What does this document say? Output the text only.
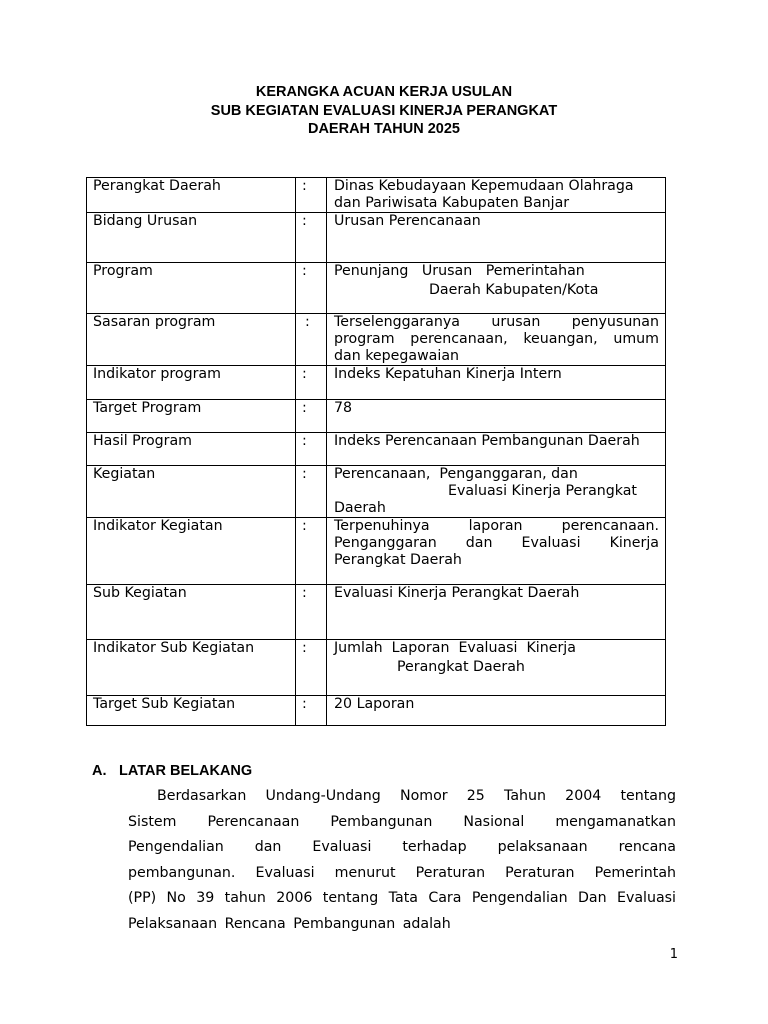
KERANGKA ACUAN KERJA USULAN
SUB KEGIATAN EVALUASI KINERJA PERANGKAT
DAERAH TAHUN 2025
Perangkat Daerah	:	Dinas Kebudayaan Kepemudaan Olahraga
dan Pariwisata Kabupaten Banjar

Bidang Urusan	:	Urusan Perencanaan

Program	:	Penunjang   Urusan   Pemerintahan
Daerah Kabupaten/Kota

Sasaran program	:	Terselenggaranya urusan penyusunan
program perencanaan, keuangan, umum
dan kepegawaian

Indikator program	:	Indeks Kepatuhan Kinerja Intern

Target Program	:	78

Hasil Program	:	Indeks Perencanaan Pembangunan Daerah

Kegiatan	:	Perencanaan,  Penganggaran, dan
Evaluasi Kinerja Perangkat
Daerah

Indikator Kegiatan	:	Terpenuhinya laporan perencanaan.
Penganggaran dan Evaluasi Kinerja
Perangkat Daerah

Sub Kegiatan	:	Evaluasi Kinerja Perangkat Daerah

Indikator Sub Kegiatan	:	Jumlah  Laporan  Evaluasi  Kinerja
Perangkat Daerah

Target Sub Kegiatan	:	20 Laporan
A. LATAR BELAKANG
Berdasarkan Undang-Undang Nomor 25 Tahun 2004 tentang
Sistem Perencanaan Pembangunan Nasional mengamanatkan
Pengendalian dan Evaluasi terhadap pelaksanaan rencana
pembangunan. Evaluasi menurut Peraturan Peraturan Pemerintah
(PP) No 39 tahun 2006 tentang Tata Cara Pengendalian Dan Evaluasi
Pelaksanaan Rencana Pembangunan adalah
1
